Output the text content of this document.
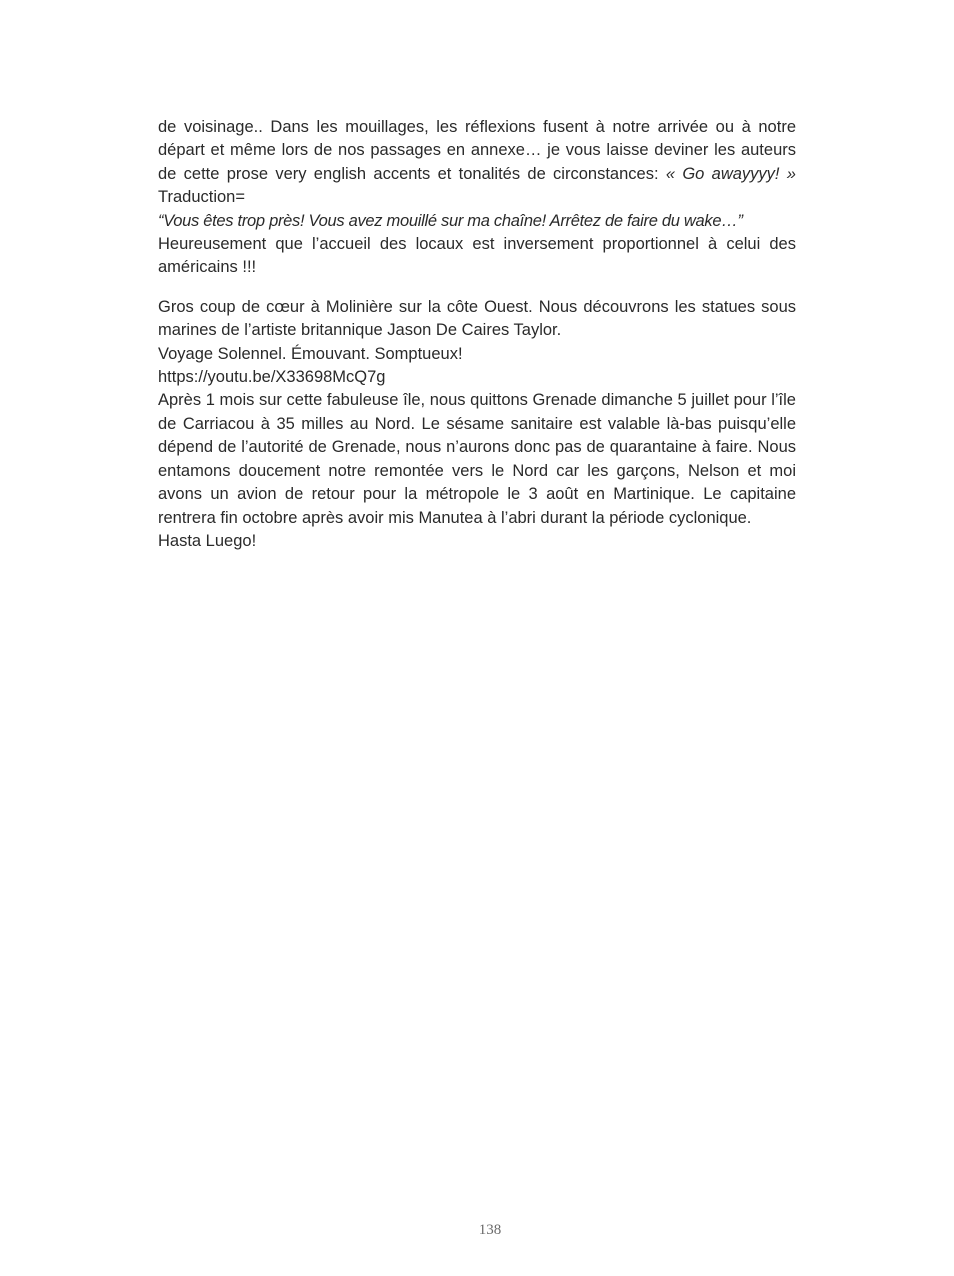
de voisinage.. Dans les mouillages, les réflexions fusent à notre arrivée ou à notre départ et même lors de nos passages en annexe… je vous laisse deviner les auteurs de cette prose very english accents et tonalités de circonstances: « Go awayyyy! » Traduction=
“Vous êtes trop près! Vous avez mouillé sur ma chaîne! Arrêtez de faire du wake…”

Heureusement que l’accueil des locaux est inversement proportionnel à celui des américains !!!

Gros coup de cœur à Molinière sur la côte Ouest. Nous découvrons les statues sous marines de l’artiste britannique Jason De Caires Taylor.

Voyage Solennel. Émouvant. Somptueux!

https://youtu.be/X33698McQ7g

Après 1 mois sur cette fabuleuse île, nous quittons Grenade dimanche 5 juillet pour l’île de Carriacou à 35 milles au Nord. Le sésame sanitaire est valable là-bas puisqu’elle dépend de l’autorité de Grenade, nous n’aurons donc pas de quarantaine à faire. Nous entamons doucement notre remontée vers le Nord car les garçons, Nelson et moi avons un avion de retour pour la métropole le 3 août en Martinique. Le capitaine rentrera fin octobre après avoir mis Manutea à l’abri durant la période cyclonique.

Hasta Luego!

138
